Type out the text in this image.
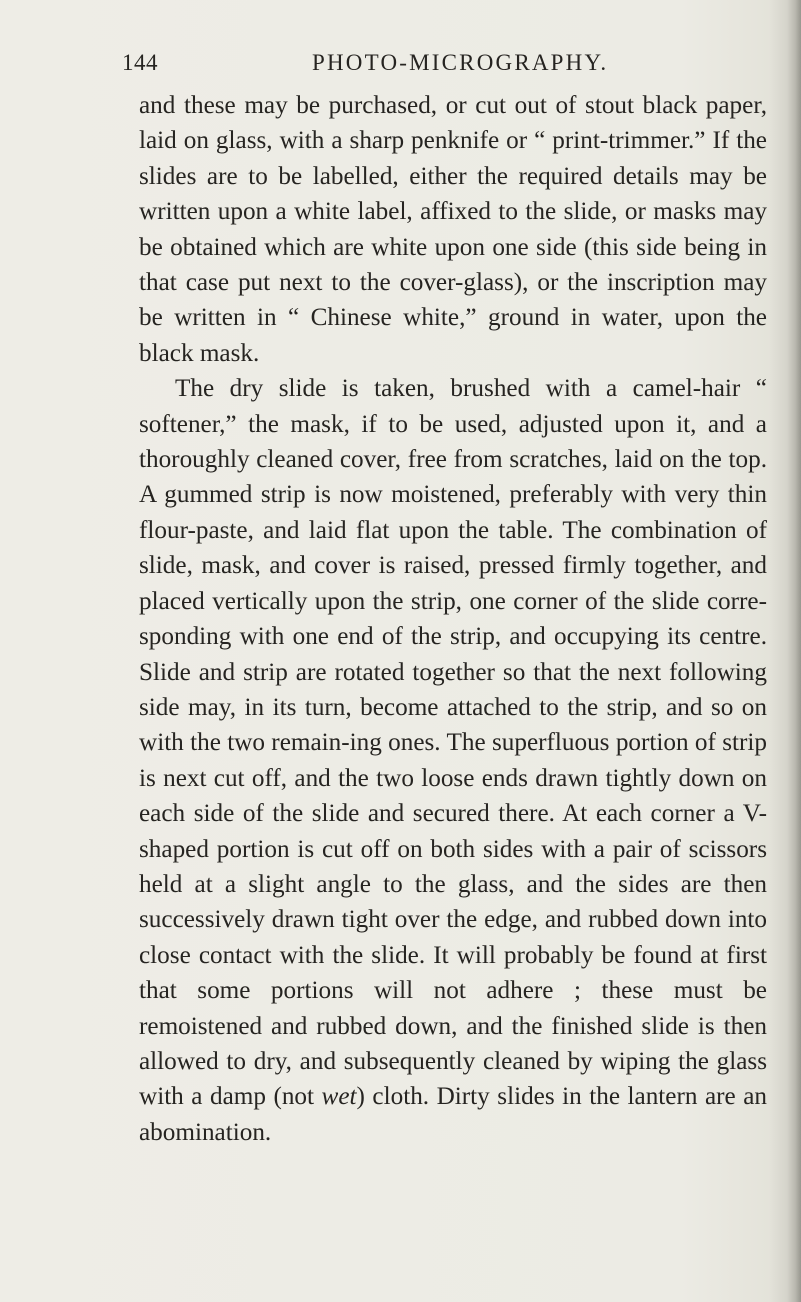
144	PHOTO-MICROGRAPHY.

and these may be purchased, or cut out of stout black paper, laid on glass, with a sharp penknife or “ print-trimmer.” If the slides are to be labelled, either the required details may be written upon a white label, affixed to the slide, or masks may be obtained which are white upon one side (this side being in that case put next to the cover-glass), or the inscription may be written in “ Chinese white,” ground in water, upon the black mask.

The dry slide is taken, brushed with a camel-hair “ softener,” the mask, if to be used, adjusted upon it, and a thoroughly cleaned cover, free from scratches, laid on the top. A gummed strip is now moistened, preferably with very thin flour-paste, and laid flat upon the table. The combination of slide, mask, and cover is raised, pressed firmly together, and placed vertically upon the strip, one corner of the slide corre-sponding with one end of the strip, and occupying its centre. Slide and strip are rotated together so that the next following side may, in its turn, become attached to the strip, and so on with the two remain-ing ones. The superfluous portion of strip is next cut off, and the two loose ends drawn tightly down on each side of the slide and secured there. At each corner a V-shaped portion is cut off on both sides with a pair of scissors held at a slight angle to the glass, and the sides are then successively drawn tight over the edge, and rubbed down into close contact with the slide. It will probably be found at first that some portions will not adhere ; these must be remoistened and rubbed down, and the finished slide is then allowed to dry, and subsequently cleaned by wiping the glass with a damp (not wet) cloth. Dirty slides in the lantern are an abomination.
